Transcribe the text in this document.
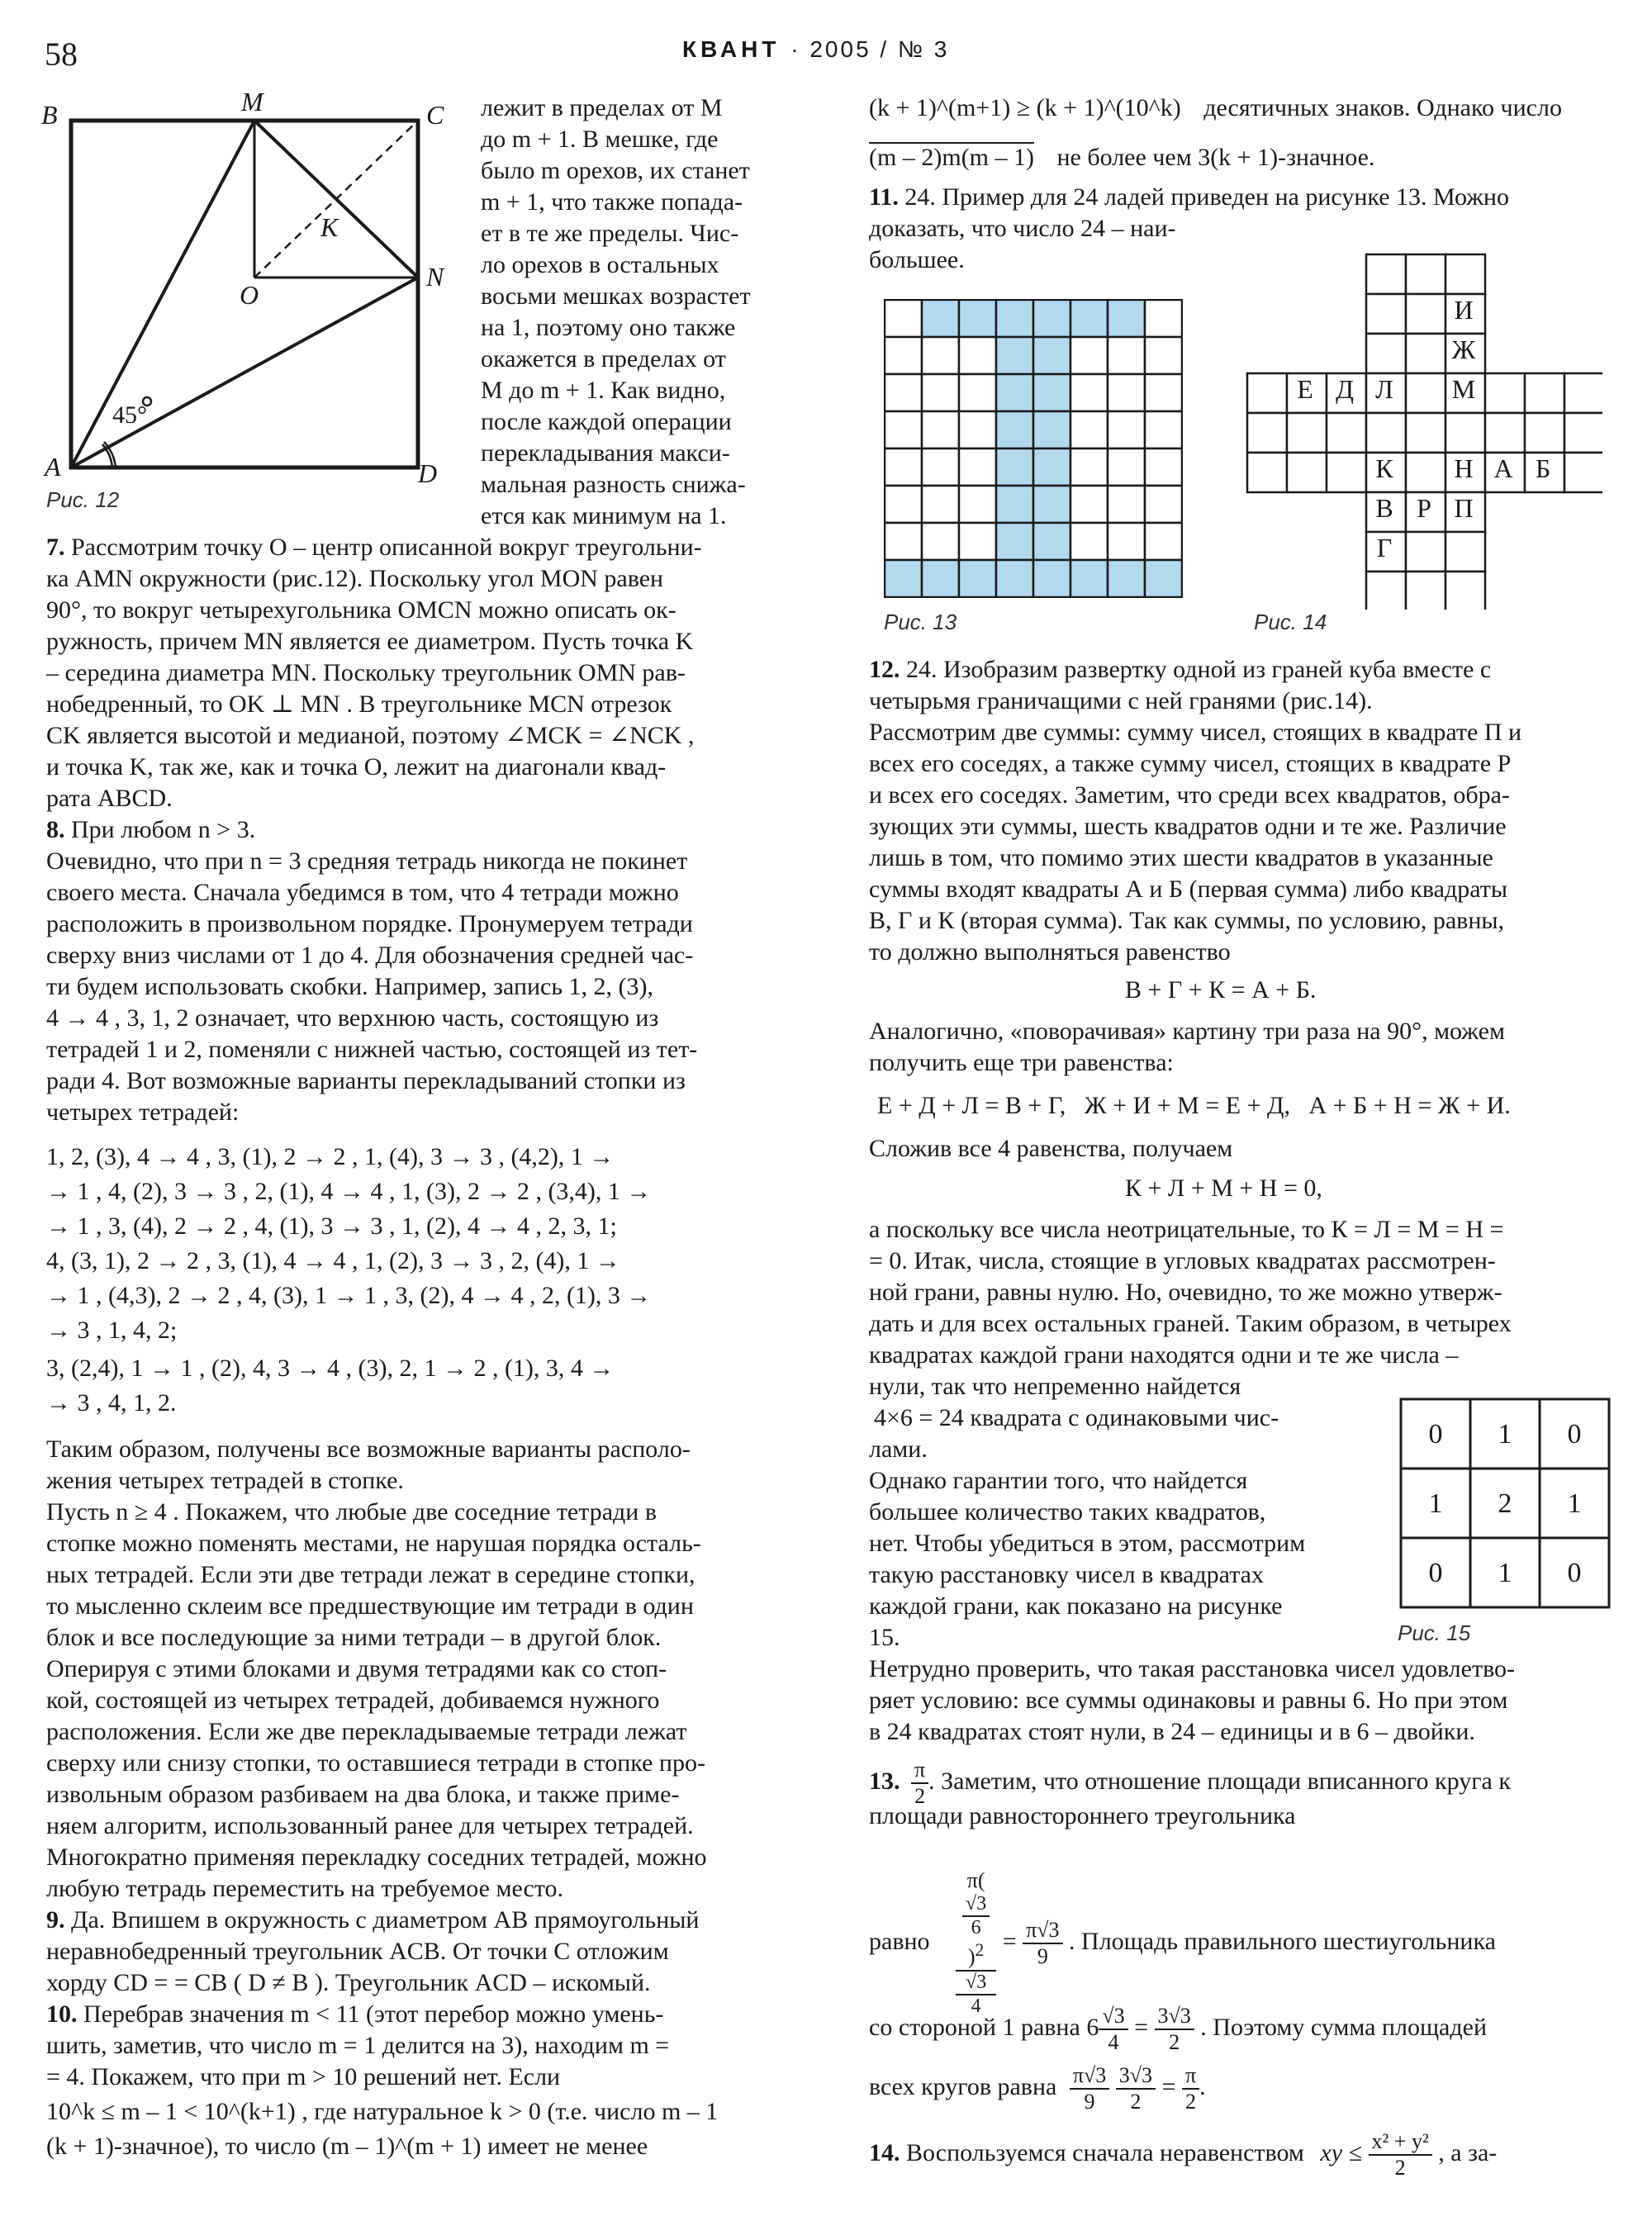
58	КВАНТ · 2005 / № 3
B	M	C
K
O
N
A	D
45°
Рис. 12
лежит в пределах от M
до m + 1. В мешке, где
было m орехов, их станет
m + 1, что также попада-
ет в те же пределы. Чис-
ло орехов в остальных
восьми мешках возрастет
на 1, поэтому оно также
окажется в пределах от
M до m + 1. Как видно,
после каждой операции
перекладывания макси-
мальная разность снижа-
ется как минимум на 1.
7. Рассмотрим точку O – центр описанной вокруг треугольни-
ка AMN окружности (рис.12). Поскольку угол MON равен
90°, то вокруг четырехугольника OMCN можно описать ок-
ружность, причем MN является ее диаметром. Пусть точка K
– середина диаметра MN. Поскольку треугольник OMN рав-
нобедренный, то OK ⊥ MN . В треугольнике MCN отрезок
CK является высотой и медианой, поэтому ∠MCK = ∠NCK ,
и точка K, так же, как и точка O, лежит на диагонали квад-
рата ABCD.
8. При любом n > 3.
Очевидно, что при n = 3 средняя тетрадь никогда не покинет
своего места. Сначала убедимся в том, что 4 тетради можно
расположить в произвольном порядке. Пронумеруем тетради
сверху вниз числами от 1 до 4. Для обозначения средней час-
ти будем использовать скобки. Например, запись 1, 2, (3),
4 → 4 , 3, 1, 2 означает, что верхнюю часть, состоящую из
тетрадей 1 и 2, поменяли с нижней частью, состоящей из тет-
ради 4. Вот возможные варианты перекладываний стопки из
четырех тетрадей:
1, 2, (3), 4 → 4 , 3, (1), 2 → 2 , 1, (4), 3 → 3 , (4,2), 1 →
→ 1 , 4, (2), 3 → 3 , 2, (1), 4 → 4 , 1, (3), 2 → 2 , (3,4), 1 →
→ 1 , 3, (4), 2 → 2 , 4, (1), 3 → 3 , 1, (2), 4 → 4 , 2, 3, 1;
4, (3, 1), 2 → 2 , 3, (1), 4 → 4 , 1, (2), 3 → 3 , 2, (4), 1 →
→ 1 , (4,3), 2 → 2 , 4, (3), 1 → 1 , 3, (2), 4 → 4 , 2, (1), 3 →
→ 3 , 1, 4, 2;
3, (2,4), 1 → 1 , (2), 4, 3 → 4 , (3), 2, 1 → 2 , (1), 3, 4 →
→ 3 , 4, 1, 2.
Таким образом, получены все возможные варианты располо-
жения четырех тетрадей в стопке.
Пусть n ≥ 4 . Покажем, что любые две соседние тетради в
стопке можно поменять местами, не нарушая порядка осталь-
ных тетрадей. Если эти две тетради лежат в середине стопки,
то мысленно склеим все предшествующие им тетради в один
блок и все последующие за ними тетради – в другой блок.
Оперируя с этими блоками и двумя тетрадями как со стоп-
кой, состоящей из четырех тетрадей, добиваемся нужного
расположения. Если же две перекладываемые тетради лежат
сверху или снизу стопки, то оставшиеся тетради в стопке про-
извольным образом разбиваем на два блока, и также приме-
няем алгоритм, использованный ранее для четырех тетрадей.
Многократно применяя перекладку соседних тетрадей, можно
любую тетрадь переместить на требуемое место.
9. Да. Впишем в окружность с диаметром AB прямоугольный
неравнобедренный треугольник ACB. От точки C отложим
хорду CD = = CB ( D ≠ B ). Треугольник ACD – искомый.
10. Перебрав значения m < 11 (этот перебор можно умень-
шить, заметив, что число m = 1 делится на 3), находим m =
= 4. Покажем, что при m > 10 решений нет. Если
10^k ≤ m – 1 < 10^(k+1) , где натуральное k > 0 (т.е. число m – 1
(k + 1)-значное), то число (m – 1)^(m + 1) имеет не менее
(k + 1)^(m+1) ≥ (k + 1)^(10^k) десятичных знаков. Однако число
(m – 2)m(m – 1) не более чем 3(k + 1)-значное.
11. 24. Пример для 24 ладей приведен на рисунке 13. Можно
доказать, что число 24 – наи-
большее.
Рис. 13
И
Ж
Е Д Л М
К Н А Б
В Р П
Г
Рис. 14
12. 24. Изобразим развертку одной из граней куба вместе с
четырьмя граничащими с ней гранями (рис.14).
Рассмотрим две суммы: сумму чисел, стоящих в квадрате П и
всех его соседях, а также сумму чисел, стоящих в квадрате Р
и всех его соседях. Заметим, что среди всех квадратов, обра-
зующих эти суммы, шесть квадратов одни и те же. Различие
лишь в том, что помимо этих шести квадратов в указанные
суммы входят квадраты А и Б (первая сумма) либо квадраты
В, Г и К (вторая сумма). Так как суммы, по условию, равны,
то должно выполняться равенство
В + Г + К = А + Б.
Аналогично, «поворачивая» картину три раза на 90°, можем
получить еще три равенства:
Е + Д + Л = В + Г,   Ж + И + М = Е + Д,   А + Б + Н = Ж + И.
Сложив все 4 равенства, получаем
К + Л + М + Н = 0,
а поскольку все числа неотрицательные, то К = Л = М = Н =
= 0. Итак, числа, стоящие в угловых квадратах рассмотрен-
ной грани, равны нулю. Но, очевидно, то же можно утверж-
дать и для всех остальных граней. Таким образом, в четырех
квадратах каждой грани находятся одни и те же числа –
нули, так что непременно найдется
4×6 = 24 квадрата с одинаковыми чис-
лами.
Однако гарантии того, что найдется
большее количество таких квадратов,
нет. Чтобы убедиться в этом, рассмотрим
такую расстановку чисел в квадратах
каждой грани, как показано на рисунке
15.
Нетрудно проверить, что такая расстановка чисел удовлетво-
ряет условию: все суммы одинаковы и равны 6. Но при этом
в 24 квадратах стоят нули, в 24 – единицы и в 6 – двойки.
0 1 0
1 2 1
0 1 0
Рис. 15
13. $\frac{\pi}{2}$ . Заметим, что отношение площади вписанного круга к
площади равностороннего треугольника
равно π(
√3
6
)$^2$
√3
$4 = \frac{\pi√3}{9}$ . Площадь правильного шестиугольника
со стороной 1 равна $6 \frac{√3}{4} = \frac{3√3}{2}$ . Поэтому сумма площадей
всех кругов равна $\frac{\pi√3}{9}$
$\frac{3√3}{2} = \frac{\pi}{2}$ .
14. Воспользуемся сначала неравенством xy ≤ $\frac{\text{x² + y²}}{2}$ , а за-
